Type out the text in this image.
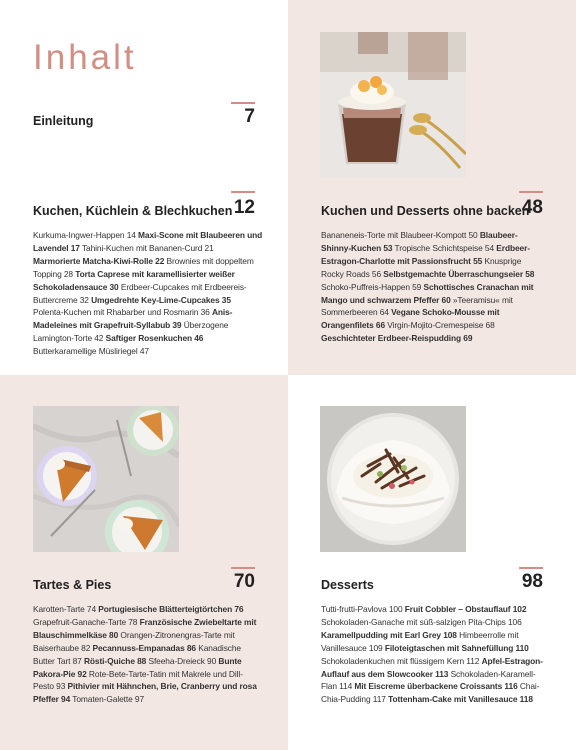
Inhalt
Einleitung	7
Kuchen, Küchlein & Blechkuchen 12
Kurkuma-Ingwer-Happen 14 Maxi-Scone mit Blaubeeren und Lavendel 17 Tahini-Kuchen mit Bananen-Curd 21 Marmorierte Matcha-Kiwi-Rolle 22 Brownies mit doppeltem Topping 28 Torta Caprese mit karamellisierter weißer Schokoladensauce 30 Erdbeer-Cupcakes mit Erdbeereis-Buttercreme 32 Umgedrehte Key-Lime-Cupcakes 35 Polenta-Kuchen mit Rhabarber und Rosmarin 36 Anis-Madeleines mit Grapefruit-Syllabub 39 Überzogene Lamington-Torte 42 Saftiger Rosenkuchen 46 Butterkaramellige Müsliriegel 47
Kuchen und Desserts ohne backen
48
Bananeneis-Torte mit Blaubeer-Kompott 50 Blaubeer-Shinny-Kuchen 53 Tropische Schichtspeise 54 Erdbeer-Estragon-Charlotte mit Passionsfrucht 55 Knusprige Rocky Roads 56 Selbstgemachte Überraschungseier 58 Schoko-Puffreis-Happen 59 Schottisches Cranachan mit Mango und schwarzem Pfeffer 60 »Teeramisu« mit Sommerbeeren 64 Vegane Schoko-Mousse mit Orangenfilets 66 Virgin-Mojito-Cremespeise 68 Geschichteter Erdbeer-Reispudding 69
Tartes & Pies	70
Karotten-Tarte 74 Portugiesische Blätterteigtörtchen 76 Grapefruit-Ganache-Tarte 78 Französische Zwiebeltarte mit Blauschimmelkäse 80 Orangen-Zitronengras-Tarte mit Baiserhaube 82 Pecannuss-Empanadas 86 Kanadische Butter Tart 87 Rösti-Quiche 88 Sfeeha-Dreieck 90 Bunte Pakora-Pie 92 Rote-Bete-Tarte-Tatin mit Makrele und Dill-Pesto 93 Pithivier mit Hähnchen, Brie, Cranberry und rosa Pfeffer 94 Tomaten-Galette 97
Desserts	98
Tutti-frutti-Pavlova 100 Fruit Cobbler – Obstauflauf 102 Schokoladen-Ganache mit süß-salzigen Pita-Chips 106 Karamellpudding mit Earl Grey 108 Himbeerrolle mit Vanillesauce 109 Filoteigtaschen mit Sahnefüllung 110 Schokoladenkuchen mit flüssigem Kern 112 Apfel-Estragon-Auflauf aus dem Slowcooker 113 Schokoladen-Karamell-Flan 114 Mit Eiscreme überbackene Croissants 116 Chai-Chia-Pudding 117 Tottenham-Cake mit Vanillesauce 118
